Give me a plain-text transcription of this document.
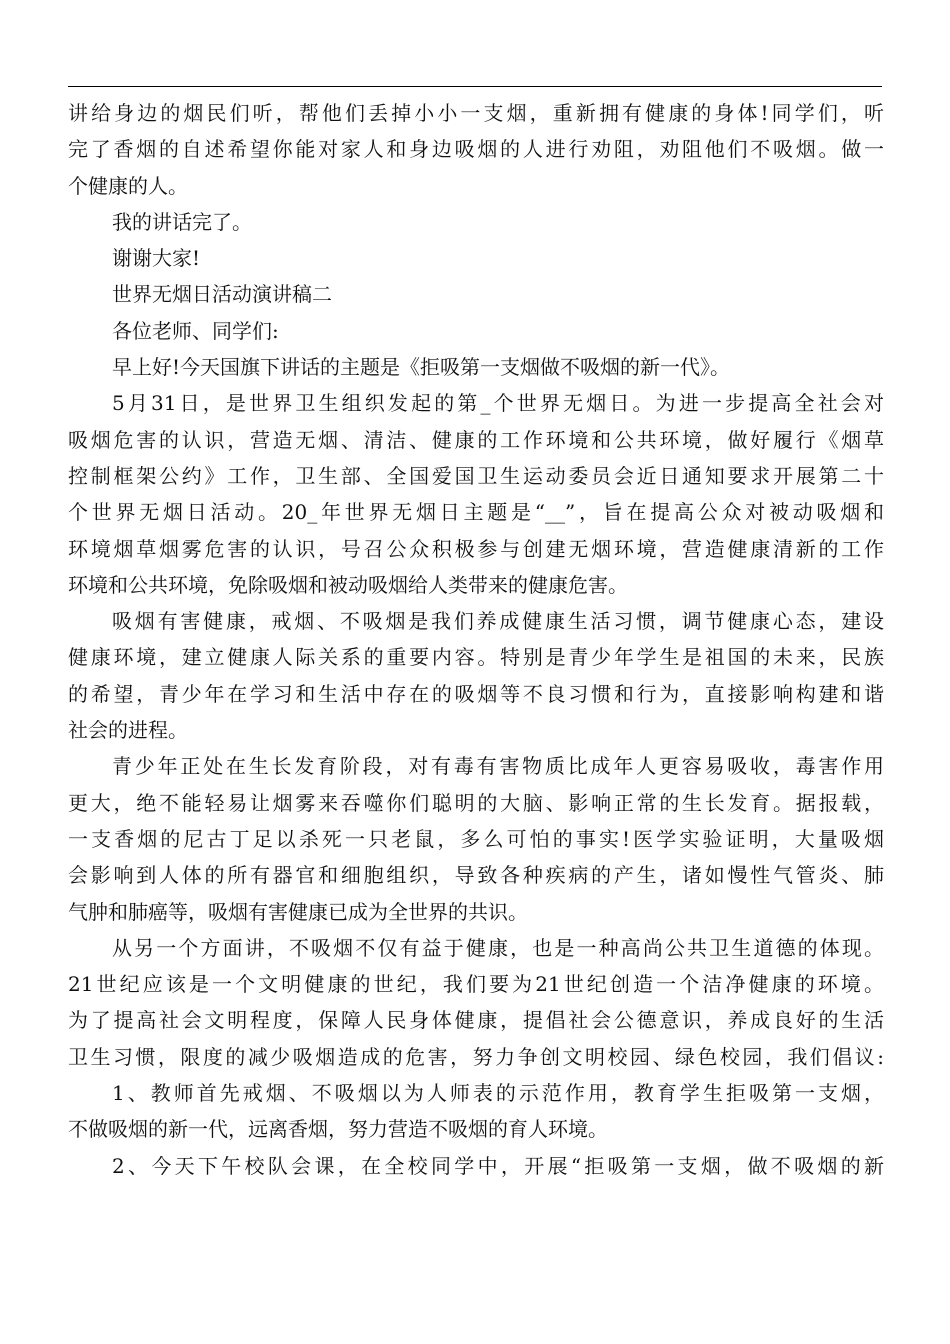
讲给身边的烟民们听，帮他们丢掉小小一支烟，重新拥有健康的身体!同学们，听
完了香烟的自述希望你能对家人和身边吸烟的人进行劝阻，劝阻他们不吸烟。做一
个健康的人。
我的讲话完了。
谢谢大家!
世界无烟日活动演讲稿二
各位老师、同学们:
早上好!今天国旗下讲话的主题是《拒吸第一支烟做不吸烟的新一代》。
5月31日，是世界卫生组织发起的第_个世界无烟日。为进一步提高全社会对
吸烟危害的认识，营造无烟、清洁、健康的工作环境和公共环境，做好履行《烟草
控制框架公约》工作，卫生部、全国爱国卫生运动委员会近日通知要求开展第二十
个世界无烟日活动。20_年世界无烟日主题是“__”，旨在提高公众对被动吸烟和
环境烟草烟雾危害的认识，号召公众积极参与创建无烟环境，营造健康清新的工作
环境和公共环境，免除吸烟和被动吸烟给人类带来的健康危害。
吸烟有害健康，戒烟、不吸烟是我们养成健康生活习惯，调节健康心态，建设
健康环境，建立健康人际关系的重要内容。特别是青少年学生是祖国的未来，民族
的希望，青少年在学习和生活中存在的吸烟等不良习惯和行为，直接影响构建和谐
社会的进程。
青少年正处在生长发育阶段，对有毒有害物质比成年人更容易吸收，毒害作用
更大，绝不能轻易让烟雾来吞噬你们聪明的大脑、影响正常的生长发育。据报载，
一支香烟的尼古丁足以杀死一只老鼠，多么可怕的事实!医学实验证明，大量吸烟
会影响到人体的所有器官和细胞组织，导致各种疾病的产生，诸如慢性气管炎、肺
气肿和肺癌等，吸烟有害健康已成为全世界的共识。
从另一个方面讲，不吸烟不仅有益于健康，也是一种高尚公共卫生道德的体现。
21世纪应该是一个文明健康的世纪，我们要为21世纪创造一个洁净健康的环境。
为了提高社会文明程度，保障人民身体健康，提倡社会公德意识，养成良好的生活
卫生习惯，限度的减少吸烟造成的危害，努力争创文明校园、绿色校园，我们倡议:
1、教师首先戒烟、不吸烟以为人师表的示范作用，教育学生拒吸第一支烟，
不做吸烟的新一代，远离香烟，努力营造不吸烟的育人环境。
2、今天下午校队会课，在全校同学中，开展“拒吸第一支烟，做不吸烟的新
